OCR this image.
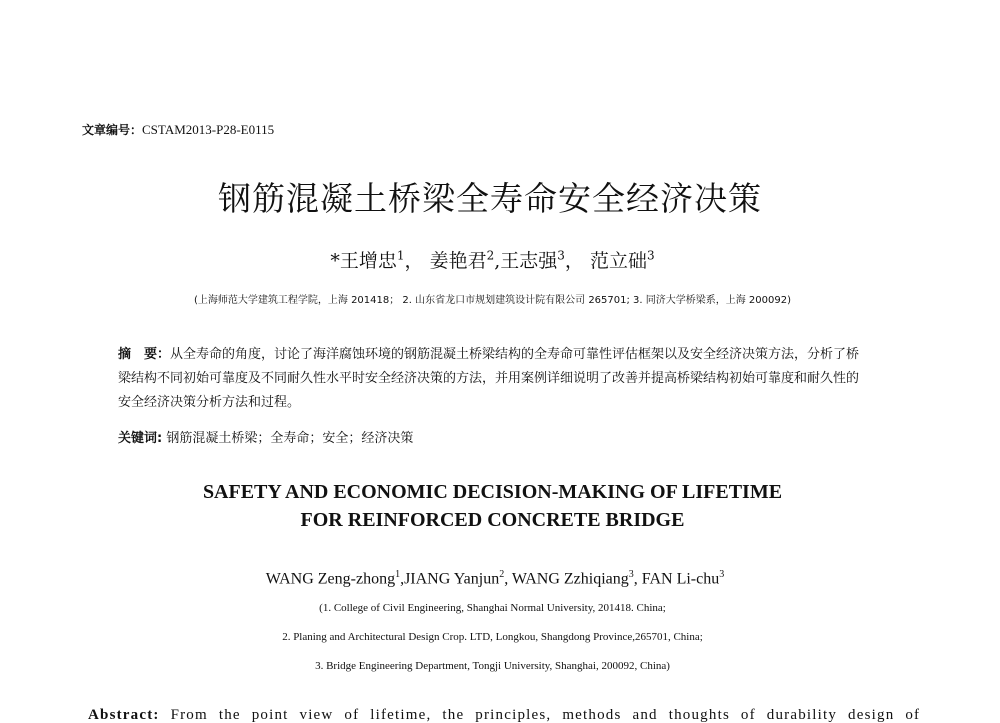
文章编号：CSTAM2013-P28-E0115
钢筋混凝土桥梁全寿命安全经济决策
*王增忠$^1$， 姜艳君$^2$,王志强$^3$， 范立础$^3$
(上海师范大学建筑工程学院，上海 201418； 2. 山东省龙口市规划建筑设计院有限公司 265701; 3. 同济大学桥梁系，上海 200092)
摘　要：从全寿命的角度，讨论了海洋腐蚀环境的钢筋混凝土桥梁结构的全寿命可靠性评估框架以及安全经济决策方法，分析了桥梁结构不同初始可靠度及不同耐久性水平时安全经济决策的方法，并用案例详细说明了改善并提高桥梁结构初始可靠度和耐久性的安全经济决策分析方法和过程。
关键词: 钢筋混凝土桥梁；全寿命；安全；经济决策
SAFETY AND ECONOMIC DECISION-MAKING OF LIFETIME
FOR REINFORCED CONCRETE BRIDGE
WANG Zeng-zhong$^1$,JIANG Yanjun$^2$, WANG Zzhiqiang$^3$, FAN Li-chu$^3$
(1. College of Civil Engineering, Shanghai Normal University, 201418. China;
2. Planing and Architectural Design Crop. LTD, Longkou, Shangdong Province,265701, China;
3. Bridge Engineering Department, Tongji University, Shanghai, 200092, China)
Abstract: From the point view of lifetime, the principles, methods and thoughts of durability design of
